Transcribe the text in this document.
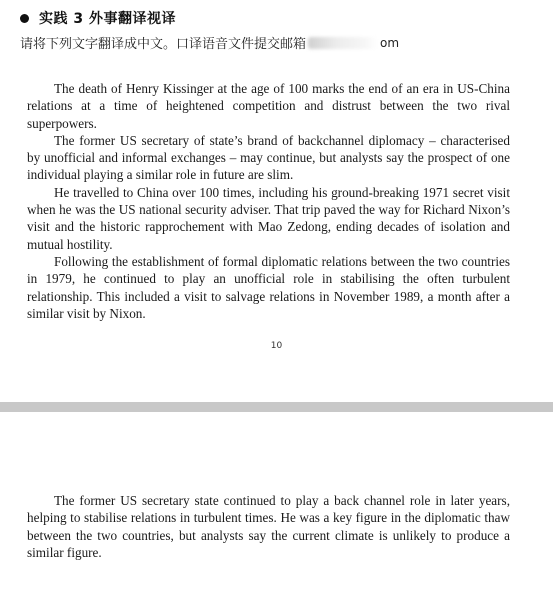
实践 3 外事翻译视译
请将下列文字翻译成中文。口译语音文件提交邮箱	om

The death of Henry Kissinger at the age of 100 marks the end of an era in US-China relations at a time of heightened competition and distrust between the two rival superpowers.

The former US secretary of state’s brand of backchannel diplomacy – characterised by unofficial and informal exchanges – may continue, but analysts say the prospect of one individual playing a similar role in future are slim.

He travelled to China over 100 times, including his ground-breaking 1971 secret visit when he was the US national security adviser. That trip paved the way for Richard Nixon’s visit and the historic rapprochement with Mao Zedong, ending decades of isolation and mutual hostility.

Following the establishment of formal diplomatic relations between the two countries in 1979, he continued to play an unofficial role in stabilising the often turbulent relationship. This included a visit to salvage relations in November 1989, a month after a similar visit by Nixon.

10

The former US secretary state continued to play a back channel role in later years, helping to stabilise relations in turbulent times. He was a key figure in the diplomatic thaw between the two countries, but analysts say the current climate is unlikely to produce a similar figure.
